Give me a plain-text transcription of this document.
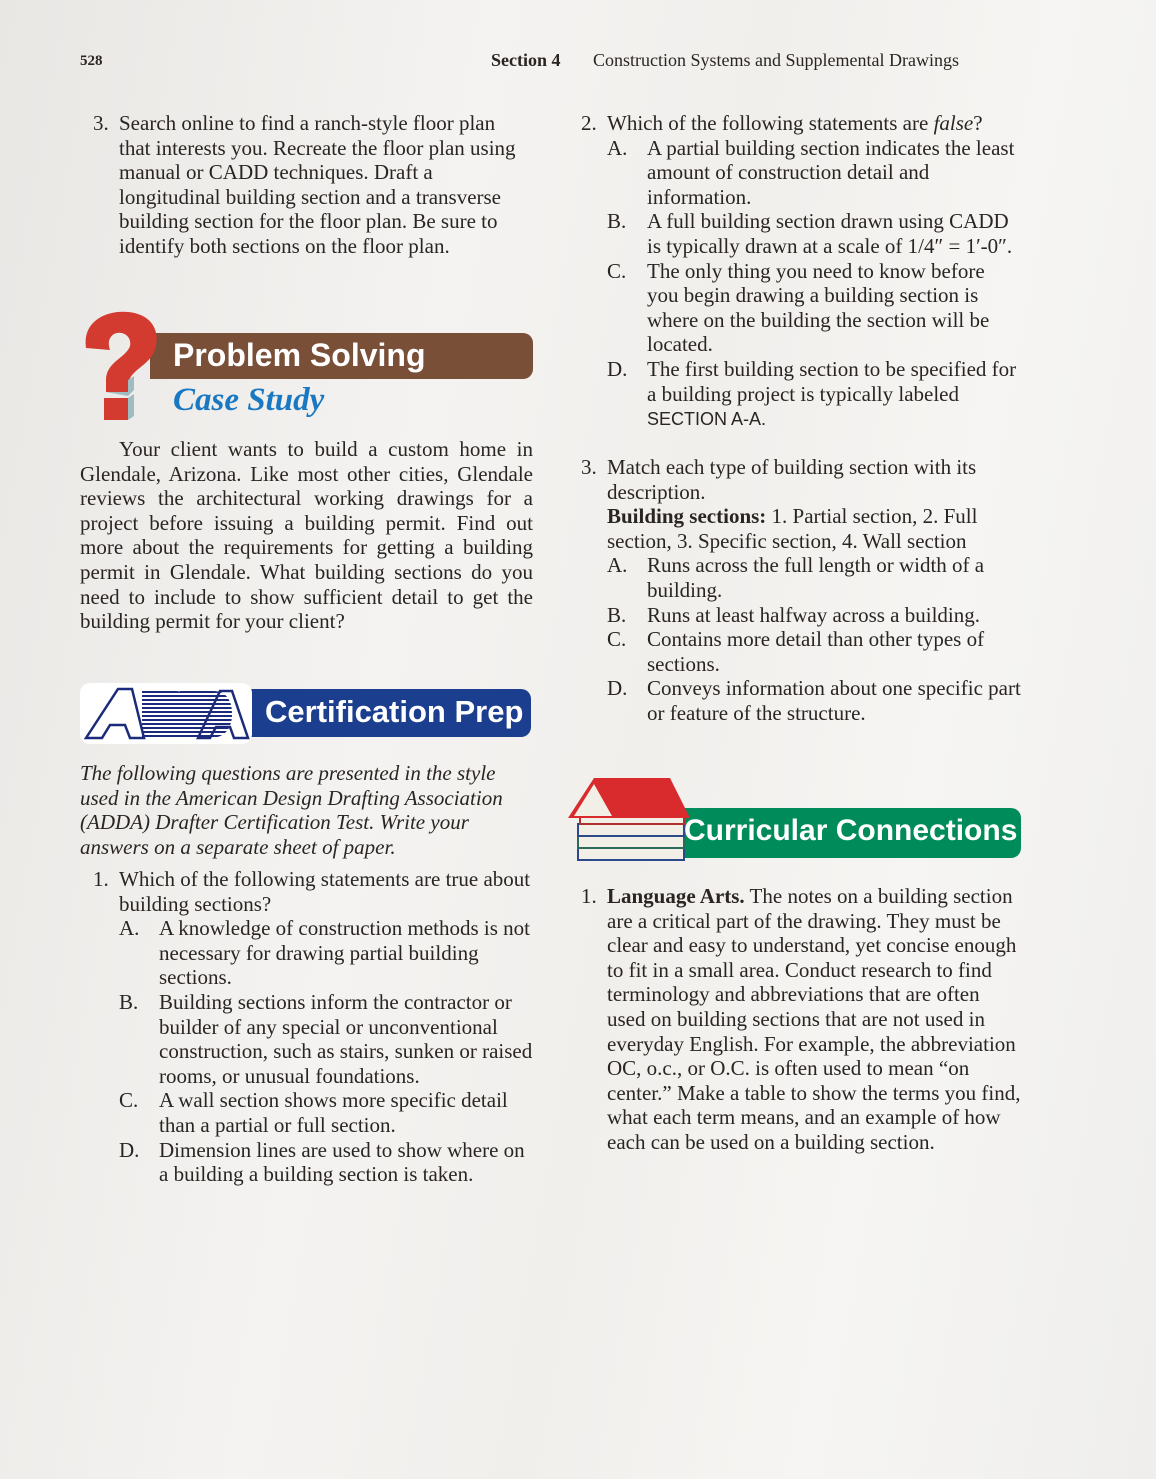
528	Section 4 Construction Systems and Supplemental Drawings
3. Search online to find a ranch-style floor plan that interests you. Recreate the floor plan using manual or CADD techniques. Draft a longitudinal building section and a transverse building section for the floor plan. Be sure to identify both sections on the floor plan.
Problem Solving
Case Study
Your client wants to build a custom home in Glendale, Arizona. Like most other cities, Glendale reviews the architectural working drawings for a project before issuing a building permit. Find out more about the requirements for getting a building permit in Glendale. What building sections do you need to include to show sufficient detail to get the building permit for your client?
Certification Prep
The following questions are presented in the style used in the American Design Drafting Association (ADDA) Drafter Certification Test. Write your answers on a separate sheet of paper.
1. Which of the following statements are true about building sections?
A. A knowledge of construction methods is not necessary for drawing partial building sections.
B. Building sections inform the contractor or builder of any special or unconventional construction, such as stairs, sunken or raised rooms, or unusual foundations.
C. A wall section shows more specific detail than a partial or full section.
D. Dimension lines are used to show where on a building a building section is taken.
2. Which of the following statements are false?
A. A partial building section indicates the least amount of construction detail and information.
B. A full building section drawn using CADD is typically drawn at a scale of 1/4″ = 1′-0″.
C. The only thing you need to know before you begin drawing a building section is where on the building the section will be located.
D. The first building section to be specified for a building project is typically labeled
SECTION A-A.
3. Match each type of building section with its description.
Building sections: 1. Partial section, 2. Full section, 3. Specific section, 4. Wall section
A. Runs across the full length or width of a building.
B. Runs at least halfway across a building.
C. Contains more detail than other types of sections.
D. Conveys information about one specific part or feature of the structure.
Curricular Connections
1. Language Arts. The notes on a building section are a critical part of the drawing. They must be clear and easy to understand, yet concise enough to fit in a small area. Conduct research to find terminology and abbreviations that are often used on building sections that are not used in everyday English. For example, the abbreviation OC, o.c., or O.C. is often used to mean “on center.” Make a table to show the terms you find, what each term means, and an example of how each can be used on a building section.
